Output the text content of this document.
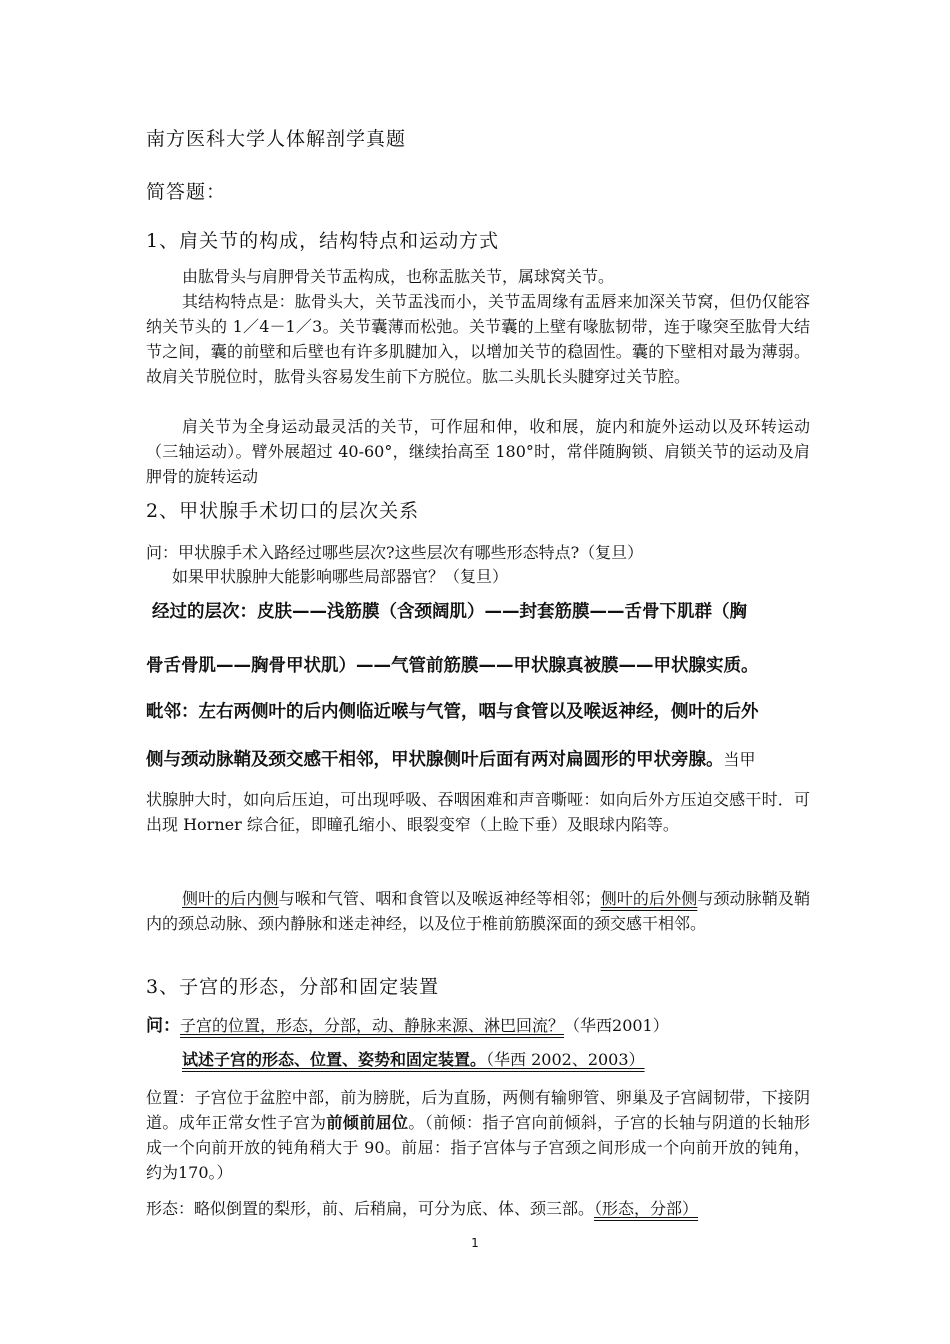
南方医科大学人体解剖学真题
简答题：
1、肩关节的构成，结构特点和运动方式
由肱骨头与肩胛骨关节盂构成，也称盂肱关节，属球窝关节。
其结构特点是：肱骨头大，关节盂浅而小，关节盂周缘有盂唇来加深关节窝，但仍仅能容纳关节头的 1／4－1／3。关节囊薄而松弛。关节囊的上壁有喙肱韧带，连于喙突至肱骨大结节之间，囊的前壁和后壁也有许多肌腱加入，以增加关节的稳固性。囊的下壁相对最为薄弱。故肩关节脱位时，肱骨头容易发生前下方脱位。肱二头肌长头腱穿过关节腔。
肩关节为全身运动最灵活的关节，可作屈和伸，收和展，旋内和旋外运动以及环转运动（三轴运动）。臂外展超过 40-60°，继续抬高至 180°时，常伴随胸锁、肩锁关节的运动及肩胛骨的旋转运动
2、甲状腺手术切口的层次关系
问：甲状腺手术入路经过哪些层次?这些层次有哪些形态特点?（复旦）
如果甲状腺肿大能影响哪些局部器官？（复旦）
经过的层次：皮肤——浅筋膜（含颈阔肌）——封套筋膜——舌骨下肌群（胸
骨舌骨肌——胸骨甲状肌）——气管前筋膜——甲状腺真被膜——甲状腺实质。
毗邻：左右两侧叶的后内侧临近喉与气管，咽与食管以及喉返神经，侧叶的后外
侧与颈动脉鞘及颈交感干相邻，甲状腺侧叶后面有两对扁圆形的甲状旁腺。当甲
状腺肿大时，如向后压迫，可出现呼吸、吞咽困难和声音嘶哑：如向后外方压迫交感干时．可出现 Horner 综合征，即瞳孔缩小、眼裂变窄（上睑下垂）及眼球内陷等。
侧叶的后内侧与喉和气管、咽和食管以及喉返神经等相邻；侧叶的后外侧与颈动脉鞘及鞘内的颈总动脉、颈内静脉和迷走神经，以及位于椎前筋膜深面的颈交感干相邻。
3、子宫的形态，分部和固定装置
问：子宫的位置，形态，分部，动、静脉来源、淋巴回流？（华西2001）
试述子宫的形态、位置、姿势和固定装置。（华西 2002、2003）
位置：子宫位于盆腔中部，前为膀胱，后为直肠，两侧有输卵管、卵巢及子宫阔韧带，下接阴道。成年正常女性子宫为前倾前屈位。（前倾：指子宫向前倾斜，子宫的长轴与阴道的长轴形成一个向前开放的钝角稍大于 90。前屈：指子宫体与子宫颈之间形成一个向前开放的钝角，约为170。）
形态：略似倒置的梨形，前、后稍扁，可分为底、体、颈三部。（形态，分部）
1
